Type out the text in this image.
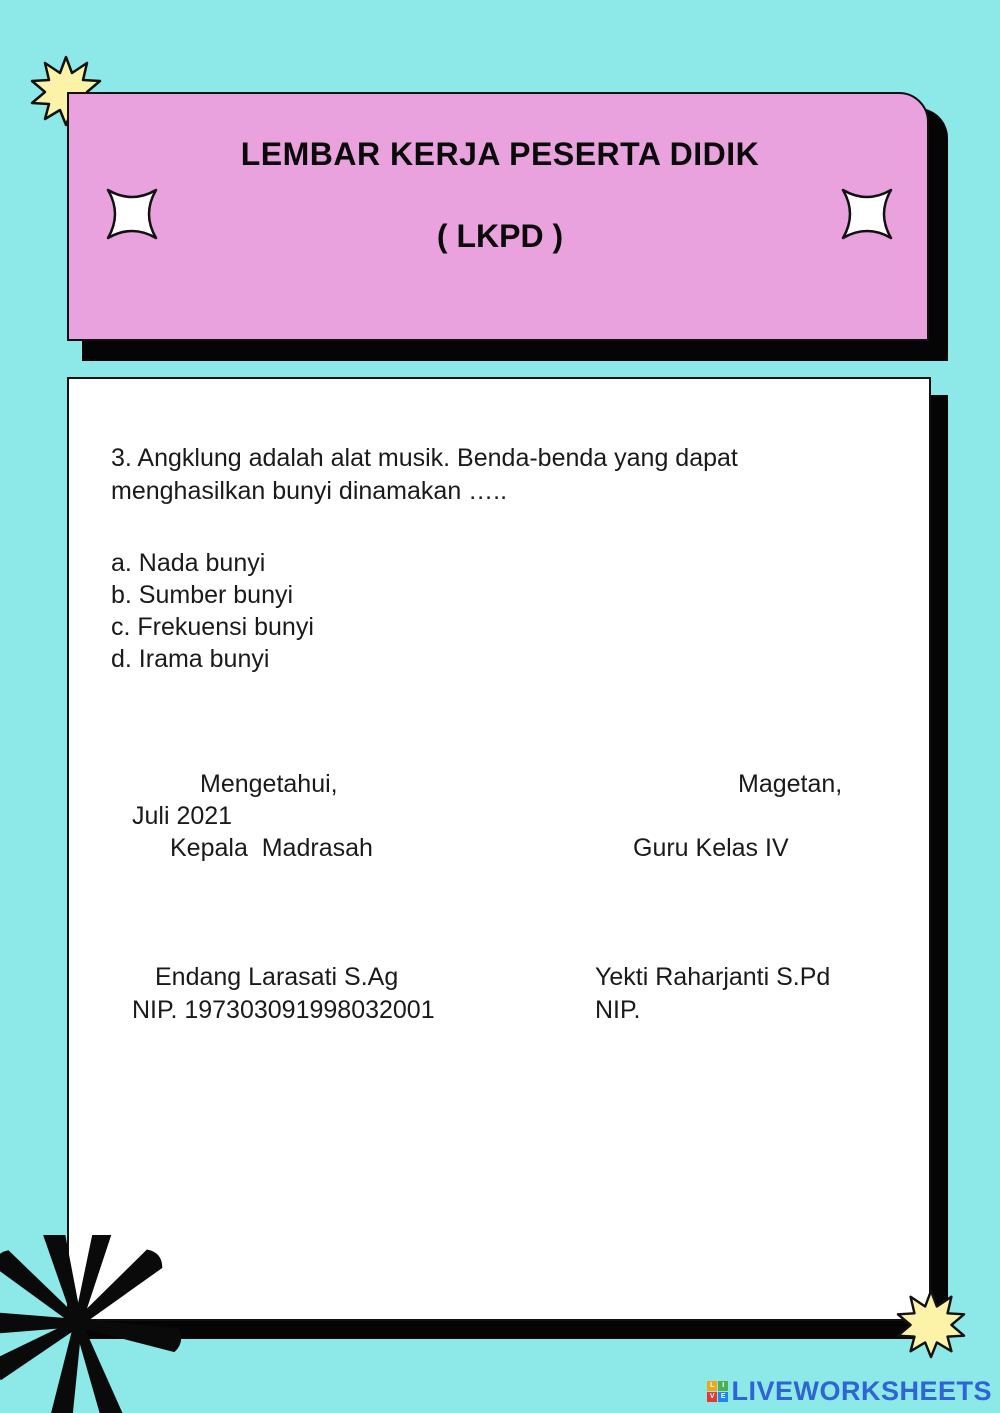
LEMBAR KERJA PESERTA DIDIK
( LKPD )
3. Angklung adalah alat musik. Benda-benda yang dapat
menghasilkan bunyi dinamakan …..
a. Nada bunyi
b. Sumber bunyi
c. Frekuensi bunyi
d. Irama bunyi
Mengetahui,	Magetan,
Juli 2021
Kepala  Madrasah	Guru Kelas IV
Endang Larasati S.Ag	Yekti Raharjanti S.Pd
NIP. 197303091998032001	NIP.
L	I
V E LIVEWORKSHEETS
